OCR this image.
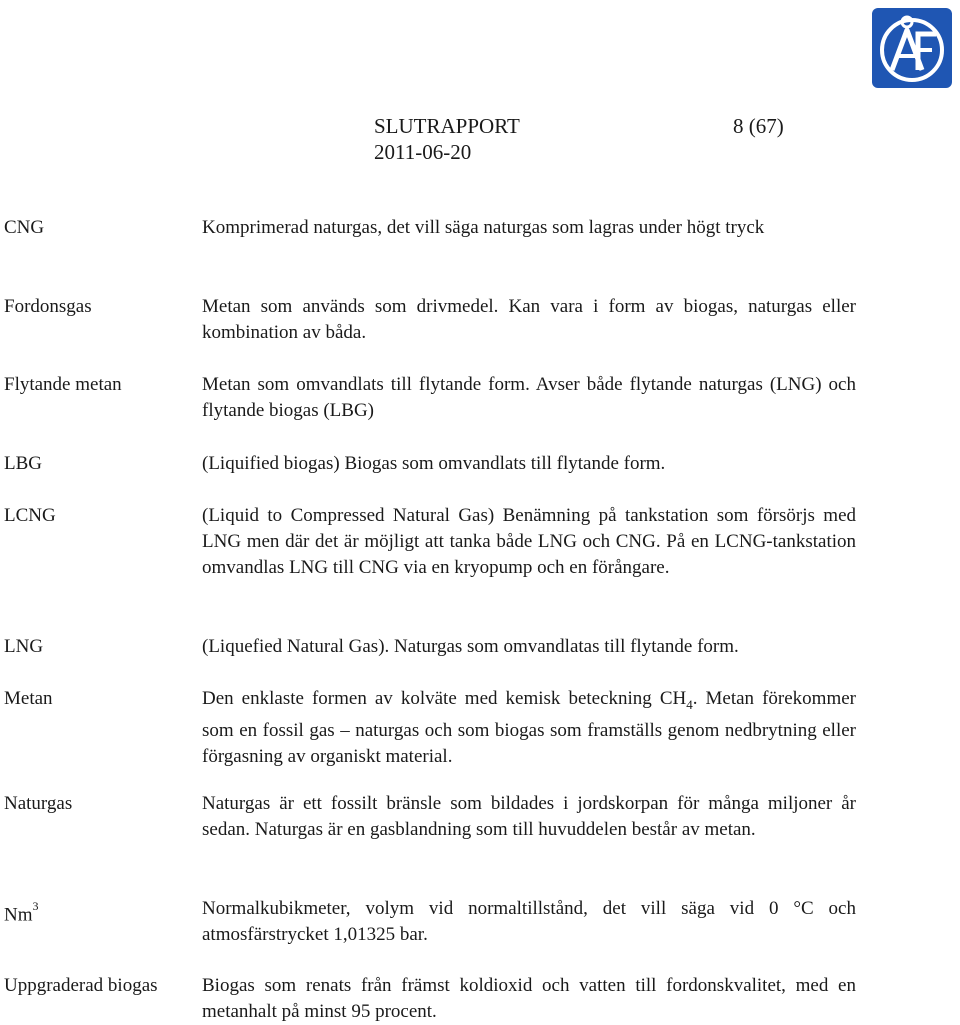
SLUTRAPPORT	8 (67)
2011-06-20
CNG	Komprimerad naturgas, det vill säga naturgas som lagras under högt tryck
Fordonsgas	Metan som används som drivmedel. Kan vara i form av biogas, naturgas eller kombination av båda.
Flytande metan	Metan som omvandlats till flytande form. Avser både flytande naturgas (LNG) och flytande biogas (LBG)
LBG	(Liquified biogas) Biogas som omvandlats till flytande form.
LCNG	(Liquid to Compressed Natural Gas) Benämning på tankstation som försörjs med LNG men där det är möjligt att tanka både LNG och CNG. På en LCNG-tankstation omvandlas LNG till CNG via en kryopump och en förångare.
LNG	(Liquefied Natural Gas). Naturgas som omvandlatas till flytande form.
Metan	Den enklaste formen av kolväte med kemisk beteckning $CH_4$. Metan förekommer som en fossil gas – naturgas och som biogas som framställs genom nedbrytning eller förgasning av organiskt material.
Naturgas	Naturgas är ett fossilt bränsle som bildades i jordskorpan för många miljoner år sedan. Naturgas är en gasblandning som till huvuddelen består av metan.
Nm$^3$	Normalkubikmeter, volym vid normaltillstånd, det vill säga vid 0 °C och atmosfärstrycket 1,01325 bar.
Uppgraderad biogas	Biogas som renats från främst koldioxid och vatten till fordonskvalitet, med en metanhalt på minst 95 procent.
